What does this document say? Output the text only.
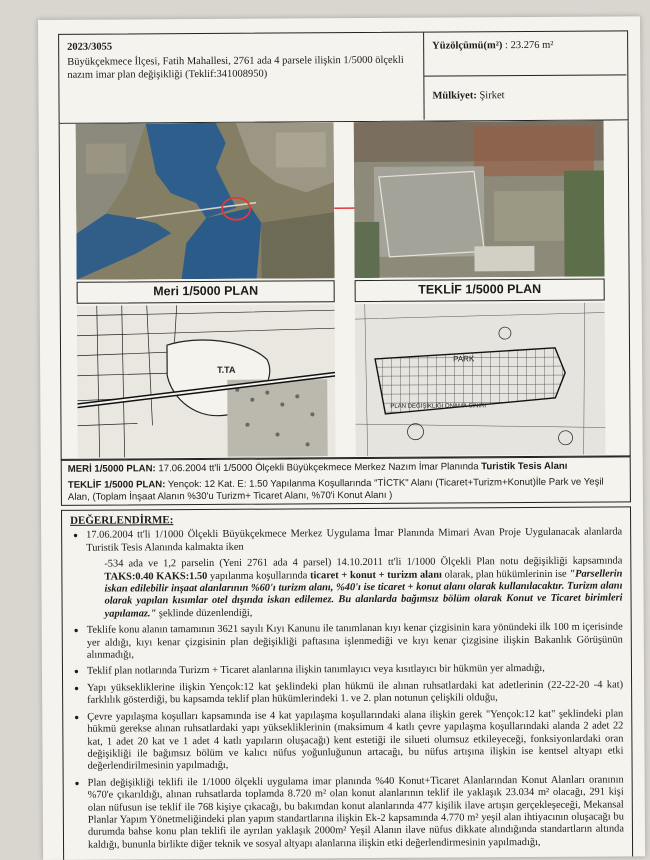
2023/3055
Büyükçekmece İlçesi, Fatih Mahallesi, 2761 ada 4 parsele ilişkin 1/5000 ölçekli nazım imar plan değişikliği (Teklif:341008950)
Yüzölçümü(m²) : 23.276 m²
Mülkiyet: Şirket
Meri 1/5000 PLAN	TEKLİF 1/5000 PLAN
T.TA
PARK
PLAN DEĞİŞİKLİĞİ ONAMA SINIRI

MERİ 1/5000 PLAN: 17.06.2004 tt'li 1/5000 Ölçekli Büyükçekmece Merkez Nazım İmar Planında Turistik Tesis Alanı

TEKLİF 1/5000 PLAN: Yençok: 12 Kat. E: 1.50 Yapılanma Koşullarında "TİCTK" Alanı (Ticaret+Turizm+Konut)İle Park ve Yeşil Alan, (Toplam İnşaat Alanın %30'u Turizm+ Ticaret Alanı, %70'i Konut Alanı )

DEĞERLENDİRME:

● 17.06.2004 tt'li 1/1000 Ölçekli Büyükçekmece Merkez Uygulama İmar Planında Mimari Avan Proje Uygulanacak alanlarda Turistik Tesis Alanında kalmakta iken

-534 ada ve 1,2 parselin (Yeni 2761 ada 4 parsel) 14.10.2011 tt'li 1/1000 Ölçekli Plan notu değişikliği kapsamında TAKS:0.40 KAKS:1.50 yapılanma koşullarında ticaret + konut + turizm alanı olarak, plan hükümlerinin ise "Parsellerin iskan edilebilir inşaat alanlarının %60'ı turizm alanı, %40'ı ise ticaret + konut alanı olarak kullanılacaktır. Turizm alanı olarak yapılan kısımlar otel dışında iskan edilemez. Bu alanlarda bağımsız bölüm olarak Konut ve Ticaret birimleri yapılamaz." şeklinde düzenlendiği,

● Teklife konu alanın tamamının 3621 sayılı Kıyı Kanunu ile tanımlanan kıyı kenar çizgisinin kara yönündeki ilk 100 m içerisinde yer aldığı, kıyı kenar çizgisinin plan değişikliği paftasına işlenmediği ve kıyı kenar çizgisine ilişkin Bakanlık Görüşünün alınmadığı,

● Teklif plan notlarında Turizm + Ticaret alanlarına ilişkin tanımlayıcı veya kısıtlayıcı bir hükmün yer almadığı,

● Yapı yüksekliklerine ilişkin Yençok:12 kat şeklindeki plan hükmü ile alınan ruhsatlardaki kat adetlerinin (22-22-20 -4 kat) farklılık gösterdiği, bu kapsamda teklif plan hükümlerindeki 1. ve 2. plan notunun çelişkili olduğu,

● Çevre yapılaşma koşulları kapsamında ise 4 kat yapılaşma koşullarındaki alana ilişkin gerek "Yençok:12 kat" şeklindeki plan hükmü gerekse alınan ruhsatlardaki yapı yüksekliklerinin (maksimum 4 katlı çevre yapılaşma koşullarındaki alanda 2 adet 22 kat, 1 adet 20 kat ve 1 adet 4 katlı yapıların oluşacağı) kent estetiği ile silueti olumsuz etkileyeceği, fonksiyonlardaki oran değişikliği ile bağımsız bölüm ve kalıcı nüfus yoğunluğunun artacağı, bu nüfus artışına ilişkin ise kentsel altyapı etki değerlendirilmesinin yapılmadığı,

● Plan değişikliği teklifi ile 1/1000 ölçekli uygulama imar planında %40 Konut+Ticaret Alanlarından Konut Alanları oranının %70'e çıkarıldığı, alınan ruhsatlarda toplamda 8.720 m² olan konut alanlarının teklif ile yaklaşık 23.034 m² olacağı, 291 kişi olan nüfusun ise teklif ile 768 kişiye çıkacağı, bu bakımdan konut alanlarında 477 kişilik ilave artışın gerçekleşeceği, Mekansal Planlar Yapım Yönetmeliğindeki plan yapım standartlarına ilişkin Ek-2 kapsamında 4.770 m² yeşil alan ihtiyacının oluşacağı bu durumda bahse konu plan teklifi ile ayrılan yaklaşık 2000m² Yeşil Alanın ilave nüfus dikkate alındığında standartların altında kaldığı, bununla birlikte diğer teknik ve sosyal altyapı alanlarına ilişkin etki değerlendirmesinin yapılmadığı,
